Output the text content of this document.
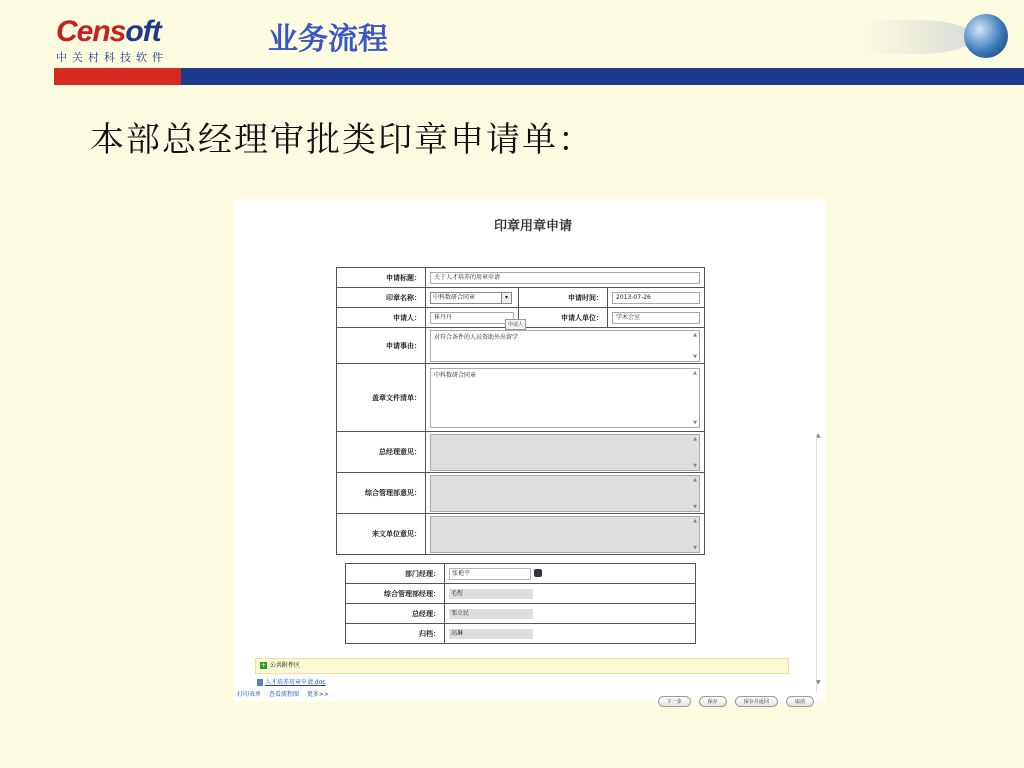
Censoft
中关村科技软件
业务流程
本部总经理审批类印章申请单：
印章用章申请
申请标题：	关于人才培养的用章申请		

印章名称：	中科数研合同章 ▾	申请时间：	2013-07-26

申请人：	崔丹丹	申请人单位：	学术会室

申请事由：	对符合条件的人员资助外出留学 ▲
▼		

盖章文件清单：	中科数研合同章 ▲
▼		

总经理意见：	▲
▼		

综合管理部意见：	▲
▼		

来文单位意见：	▲
▼		
申请人
部门经理：	张艳平
综合管理部经理：	毛煜
总经理：	邹立民
归档：	高琳
▲
▼
+ 公共附件区
人才培养用章申请.doc
打印表单 查看流程图 更多>>
下一步	保存	保存并返回	取消
